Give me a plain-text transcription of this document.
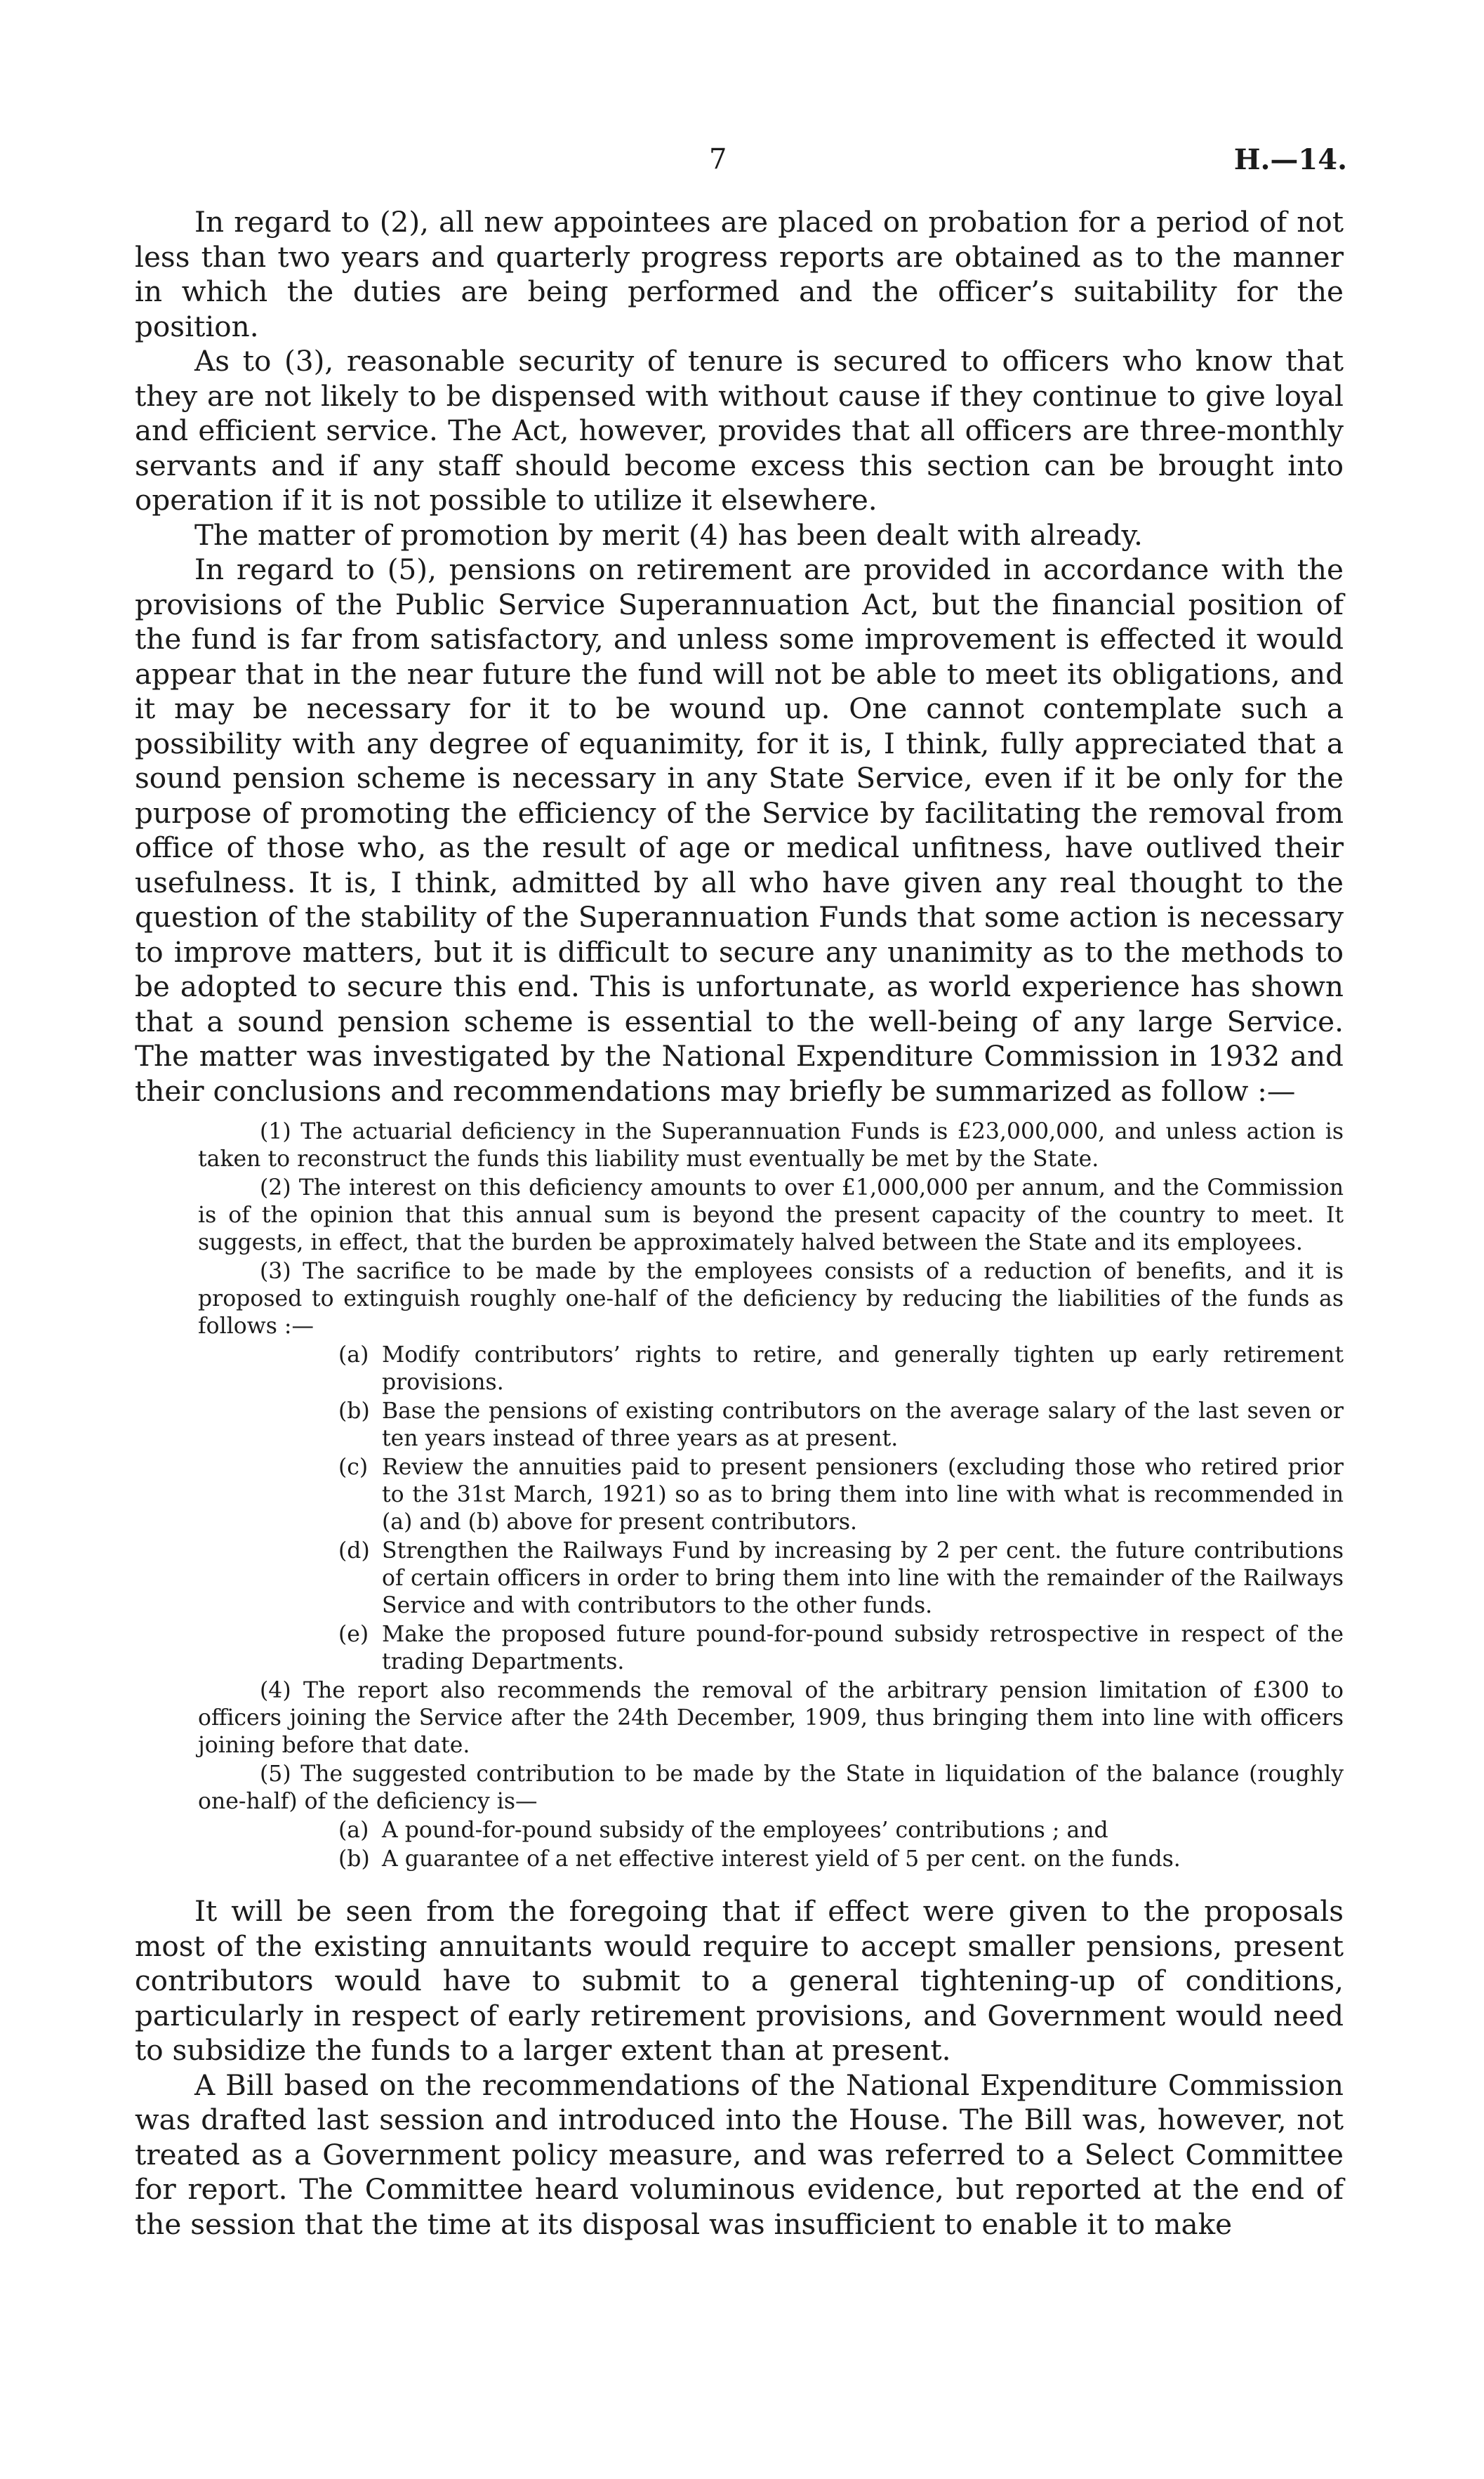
7	H.—14.

In regard to (2), all new appointees are placed on probation for a period of not less than two years and quarterly progress reports are obtained as to the manner in which the duties are being performed and the officer’s suitability for the position.

As to (3), reasonable security of tenure is secured to officers who know that they are not likely to be dispensed with without cause if they continue to give loyal and efficient service. The Act, however, provides that all officers are three-monthly servants and if any staff should become excess this section can be brought into operation if it is not possible to utilize it elsewhere.

The matter of promotion by merit (4) has been dealt with already.

In regard to (5), pensions on retirement are provided in accordance with the provisions of the Public Service Superannuation Act, but the financial position of the fund is far from satisfactory, and unless some improvement is effected it would appear that in the near future the fund will not be able to meet its obligations, and it may be necessary for it to be wound up. One cannot contemplate such a possibility with any degree of equanimity, for it is, I think, fully appreciated that a sound pension scheme is necessary in any State Service, even if it be only for the purpose of promoting the efficiency of the Service by facilitating the removal from office of those who, as the result of age or medical unfitness, have outlived their usefulness. It is, I think, admitted by all who have given any real thought to the question of the stability of the Superannuation Funds that some action is necessary to improve matters, but it is difficult to secure any unanimity as to the methods to be adopted to secure this end. This is unfortunate, as world experience has shown that a sound pension scheme is essential to the well-being of any large Service. The matter was investigated by the National Expenditure Commission in 1932 and their conclusions and recommendations may briefly be summarized as follow :—

(1) The actuarial deficiency in the Superannuation Funds is £23,000,000, and unless action is taken to reconstruct the funds this liability must eventually be met by the State.

(2) The interest on this deficiency amounts to over £1,000,000 per annum, and the Commission is of the opinion that this annual sum is beyond the present capacity of the country to meet. It suggests, in effect, that the burden be approximately halved between the State and its employees.

(3) The sacrifice to be made by the employees consists of a reduction of benefits, and it is proposed to extinguish roughly one-half of the deficiency by reducing the liabilities of the funds as follows :—

(a) Modify contributors’ rights to retire, and generally tighten up early retirement provisions.
(b) Base the pensions of existing contributors on the average salary of the last seven or ten years instead of three years as at present.
(c) Review the annuities paid to present pensioners (excluding those who retired prior to the 31st March, 1921) so as to bring them into line with what is recommended in (a) and (b) above for present contributors.
(d) Strengthen the Railways Fund by increasing by 2 per cent. the future contributions of certain officers in order to bring them into line with the remainder of the Railways Service and with contributors to the other funds.
(e) Make the proposed future pound-for-pound subsidy retrospective in respect of the trading Departments.

(4) The report also recommends the removal of the arbitrary pension limitation of £300 to officers joining the Service after the 24th December, 1909, thus bringing them into line with officers joining before that date.

(5) The suggested contribution to be made by the State in liquidation of the balance (roughly one-half) of the deficiency is—

(a) A pound-for-pound subsidy of the employees’ contributions ; and
(b) A guarantee of a net effective interest yield of 5 per cent. on the funds.

It will be seen from the foregoing that if effect were given to the proposals most of the existing annuitants would require to accept smaller pensions, present contributors would have to submit to a general tightening-up of conditions, particularly in respect of early retirement provisions, and Government would need to subsidize the funds to a larger extent than at present.

A Bill based on the recommendations of the National Expenditure Commission was drafted last session and introduced into the House. The Bill was, however, not treated as a Government policy measure, and was referred to a Select Committee for report. The Committee heard voluminous evidence, but reported at the end of the session that the time at its disposal was insufficient to enable it to make
